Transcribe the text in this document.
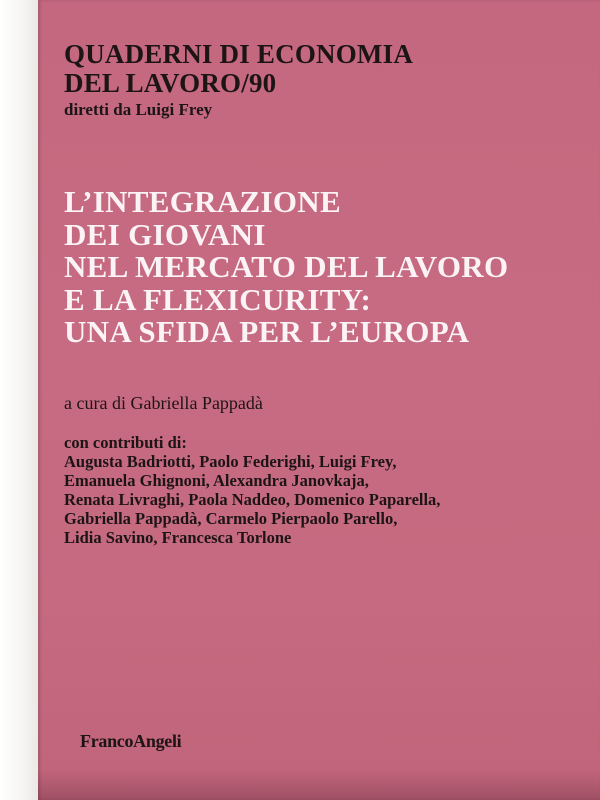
QUADERNI DI ECONOMIA
DEL LAVORO/90

diretti da Luigi Frey

L’INTEGRAZIONE
DEI GIOVANI
NEL MERCATO DEL LAVORO
E LA FLEXICURITY:
UNA SFIDA PER L’EUROPA

a cura di Gabriella Pappadà

con contributi di:
Augusta Badriotti, Paolo Federighi, Luigi Frey,
Emanuela Ghignoni, Alexandra Janovkaja,
Renata Livraghi, Paola Naddeo, Domenico Paparella,
Gabriella Pappadà, Carmelo Pierpaolo Parello,
Lidia Savino, Francesca Torlone

FrancoAngeli
